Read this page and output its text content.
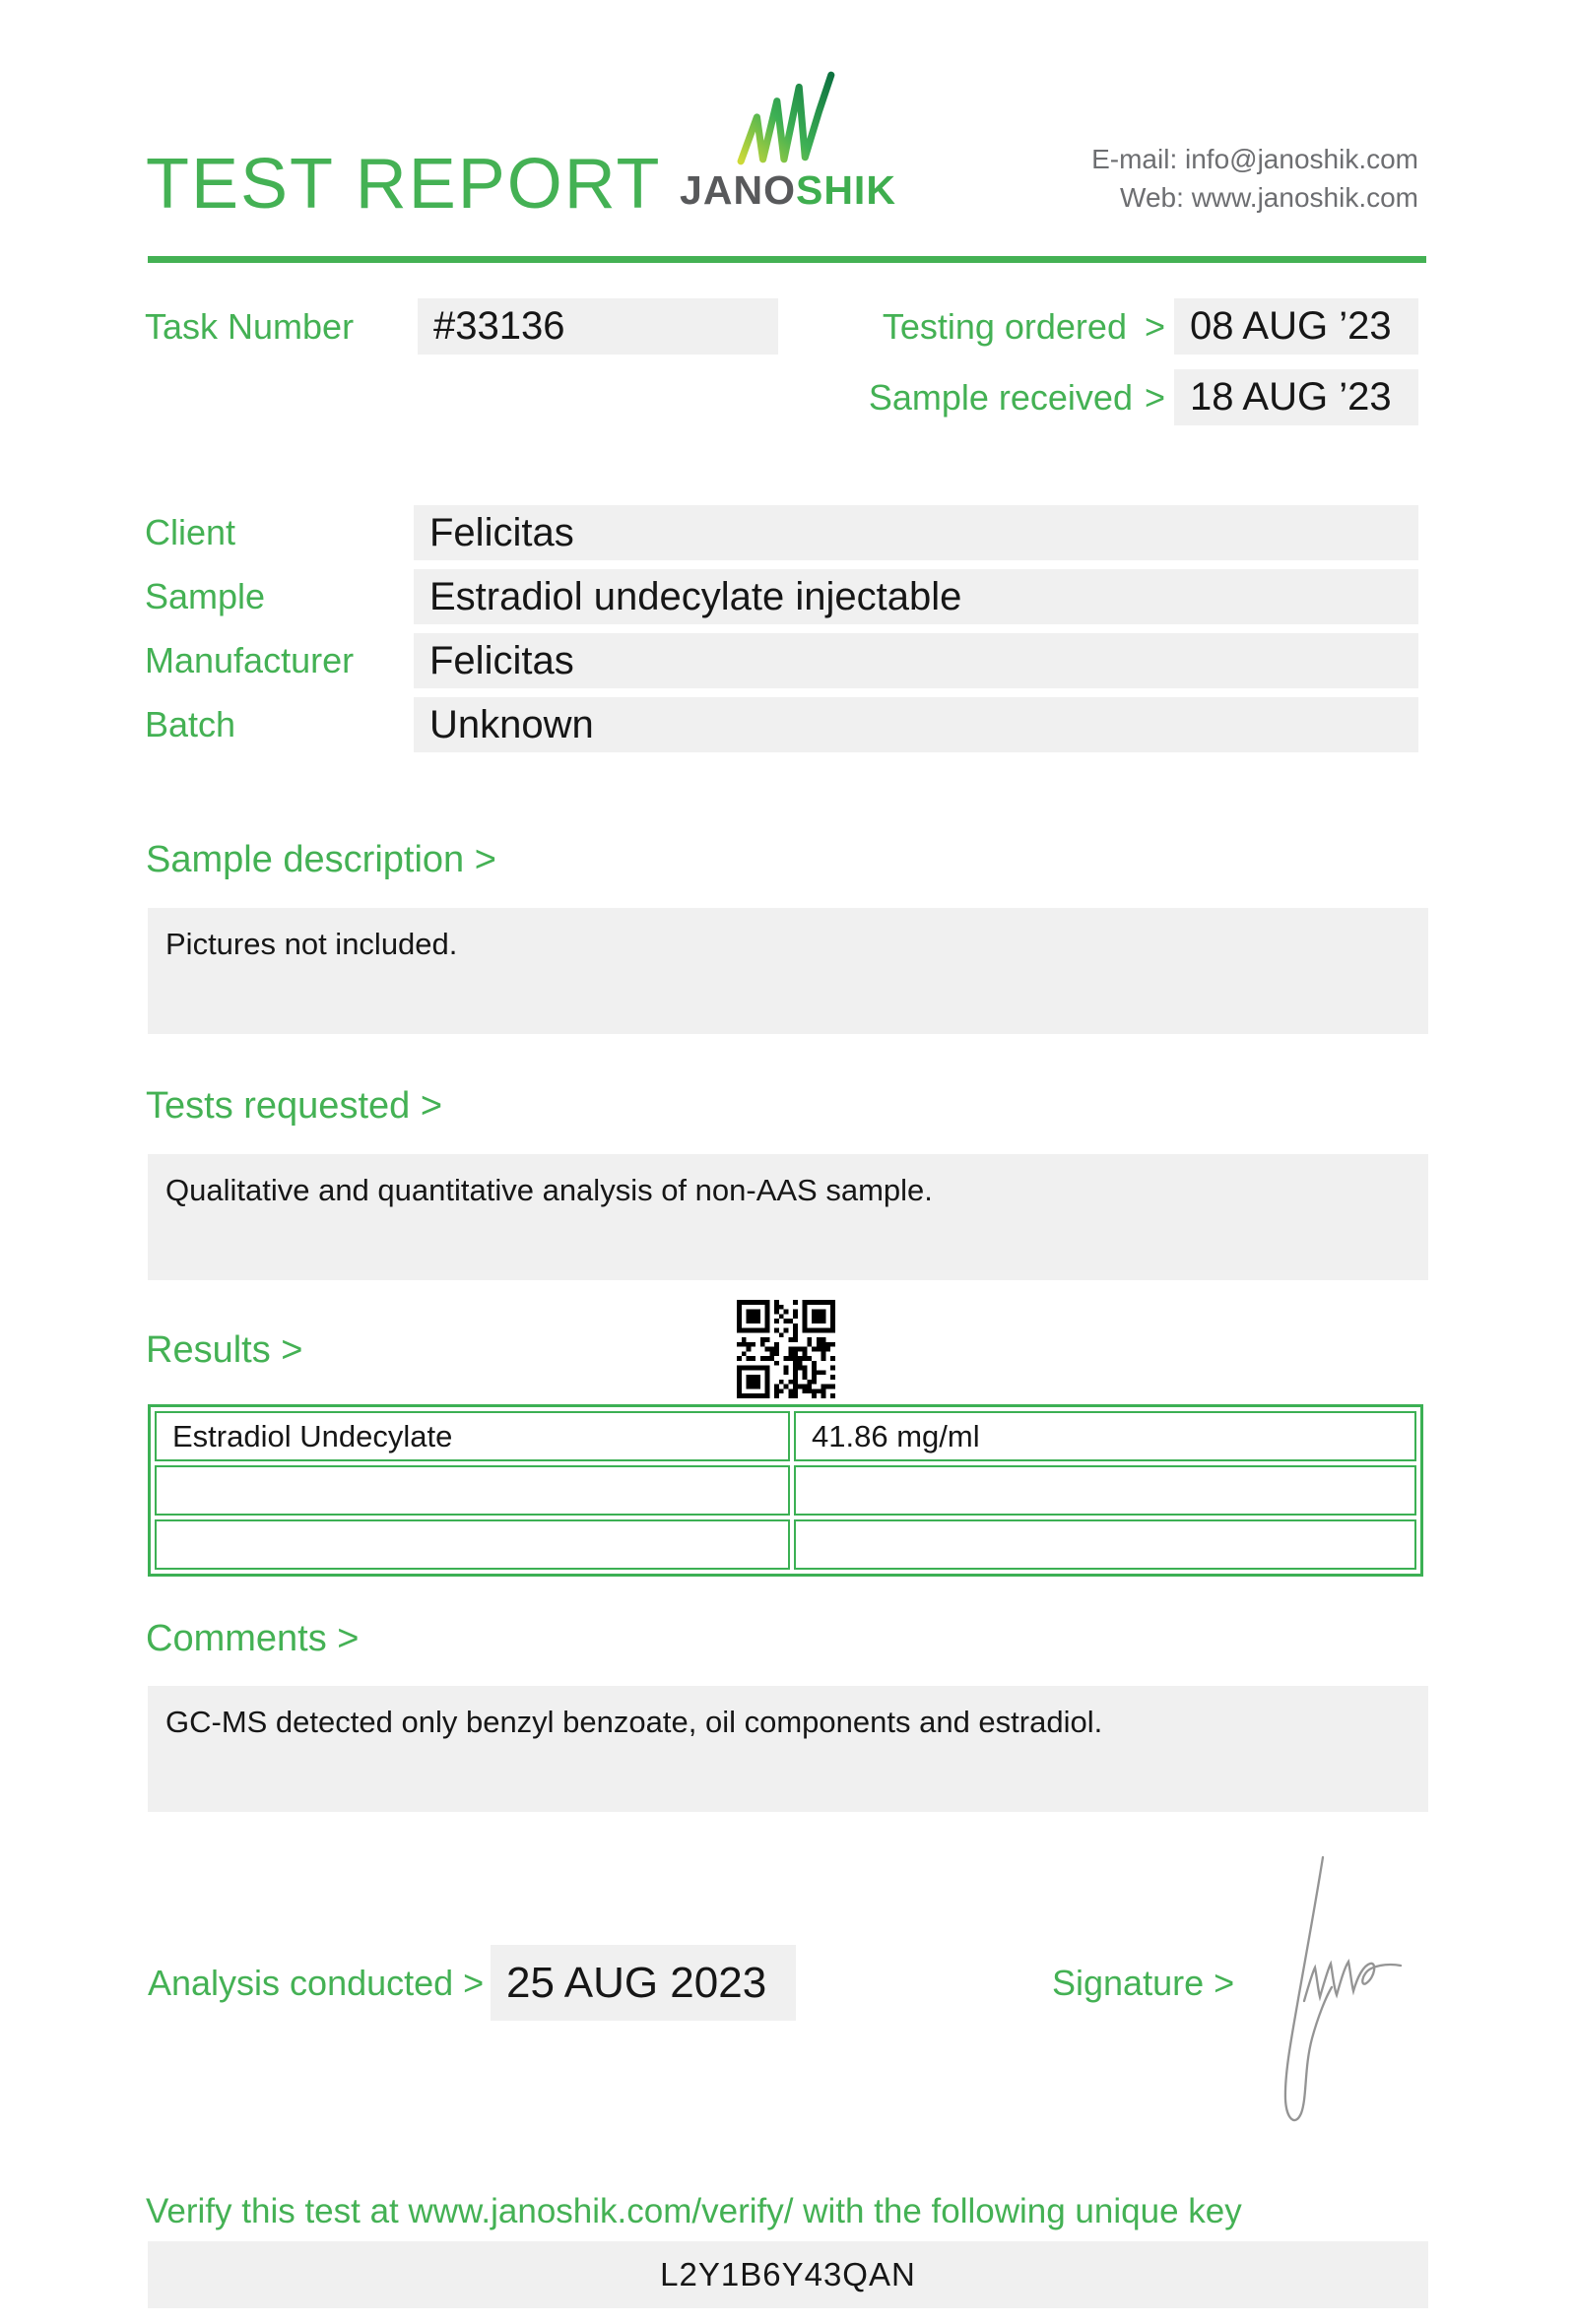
TEST REPORT JANOSHIK
E-mail: info@janoshik.com
Web: www.janoshik.com
Task Number	#33136	Testing ordered > 08 AUG ’23
Sample received > 18 AUG ’23
Client	Felicitas
Sample	Estradiol undecylate injectable
Manufacturer	Felicitas
Batch	Unknown
Sample description >
Pictures not included.
Tests requested >
Qualitative and quantitative analysis of non-AAS sample.
Results >
Estradiol Undecylate	41.86 mg/ml

Comments >
GC-MS detected only benzyl benzoate, oil components and estradiol.
Analysis conducted > 25 AUG 2023	Signature >
Verify this test at www.janoshik.com/verify/ with the following unique key
L2Y1B6Y43QAN
